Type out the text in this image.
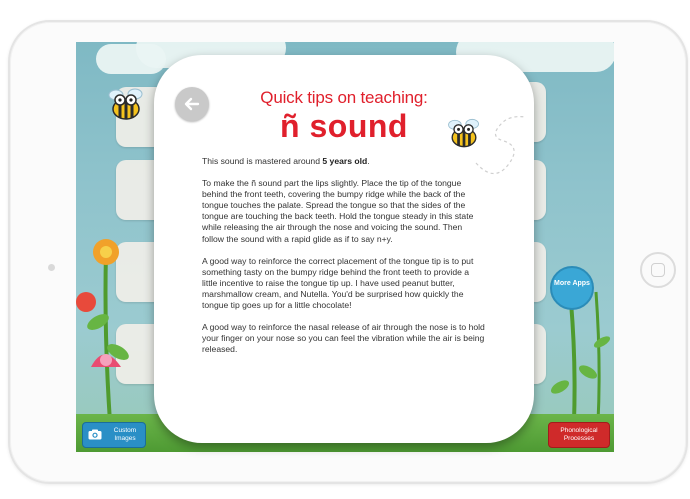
More Apps
Custom Images
Phonological Processes
Quick tips on teaching:
ñ sound

This sound is mastered around 5 years old.

To make the ñ sound part the lips slightly. Place the tip of the tongue behind the front teeth, covering the bumpy ridge while the back of the tongue touches the palate. Spread the tongue so that the sides of the tongue are touching the back teeth. Hold the tongue steady in this state while releasing the air through the nose and voicing the sound. Then follow the sound with a rapid glide as if to say n+y.

A good way to reinforce the correct placement of the tongue tip is to put something tasty on the bumpy ridge behind the front teeth to provide a little incentive to raise the tongue tip up. I have used peanut butter, marshmallow cream, and Nutella. You'd be surprised how quickly the tongue tip goes up for a little chocolate!

A good way to reinforce the nasal release of air through the nose is to hold your finger on your nose so you can feel the vibration while the air is being released.
